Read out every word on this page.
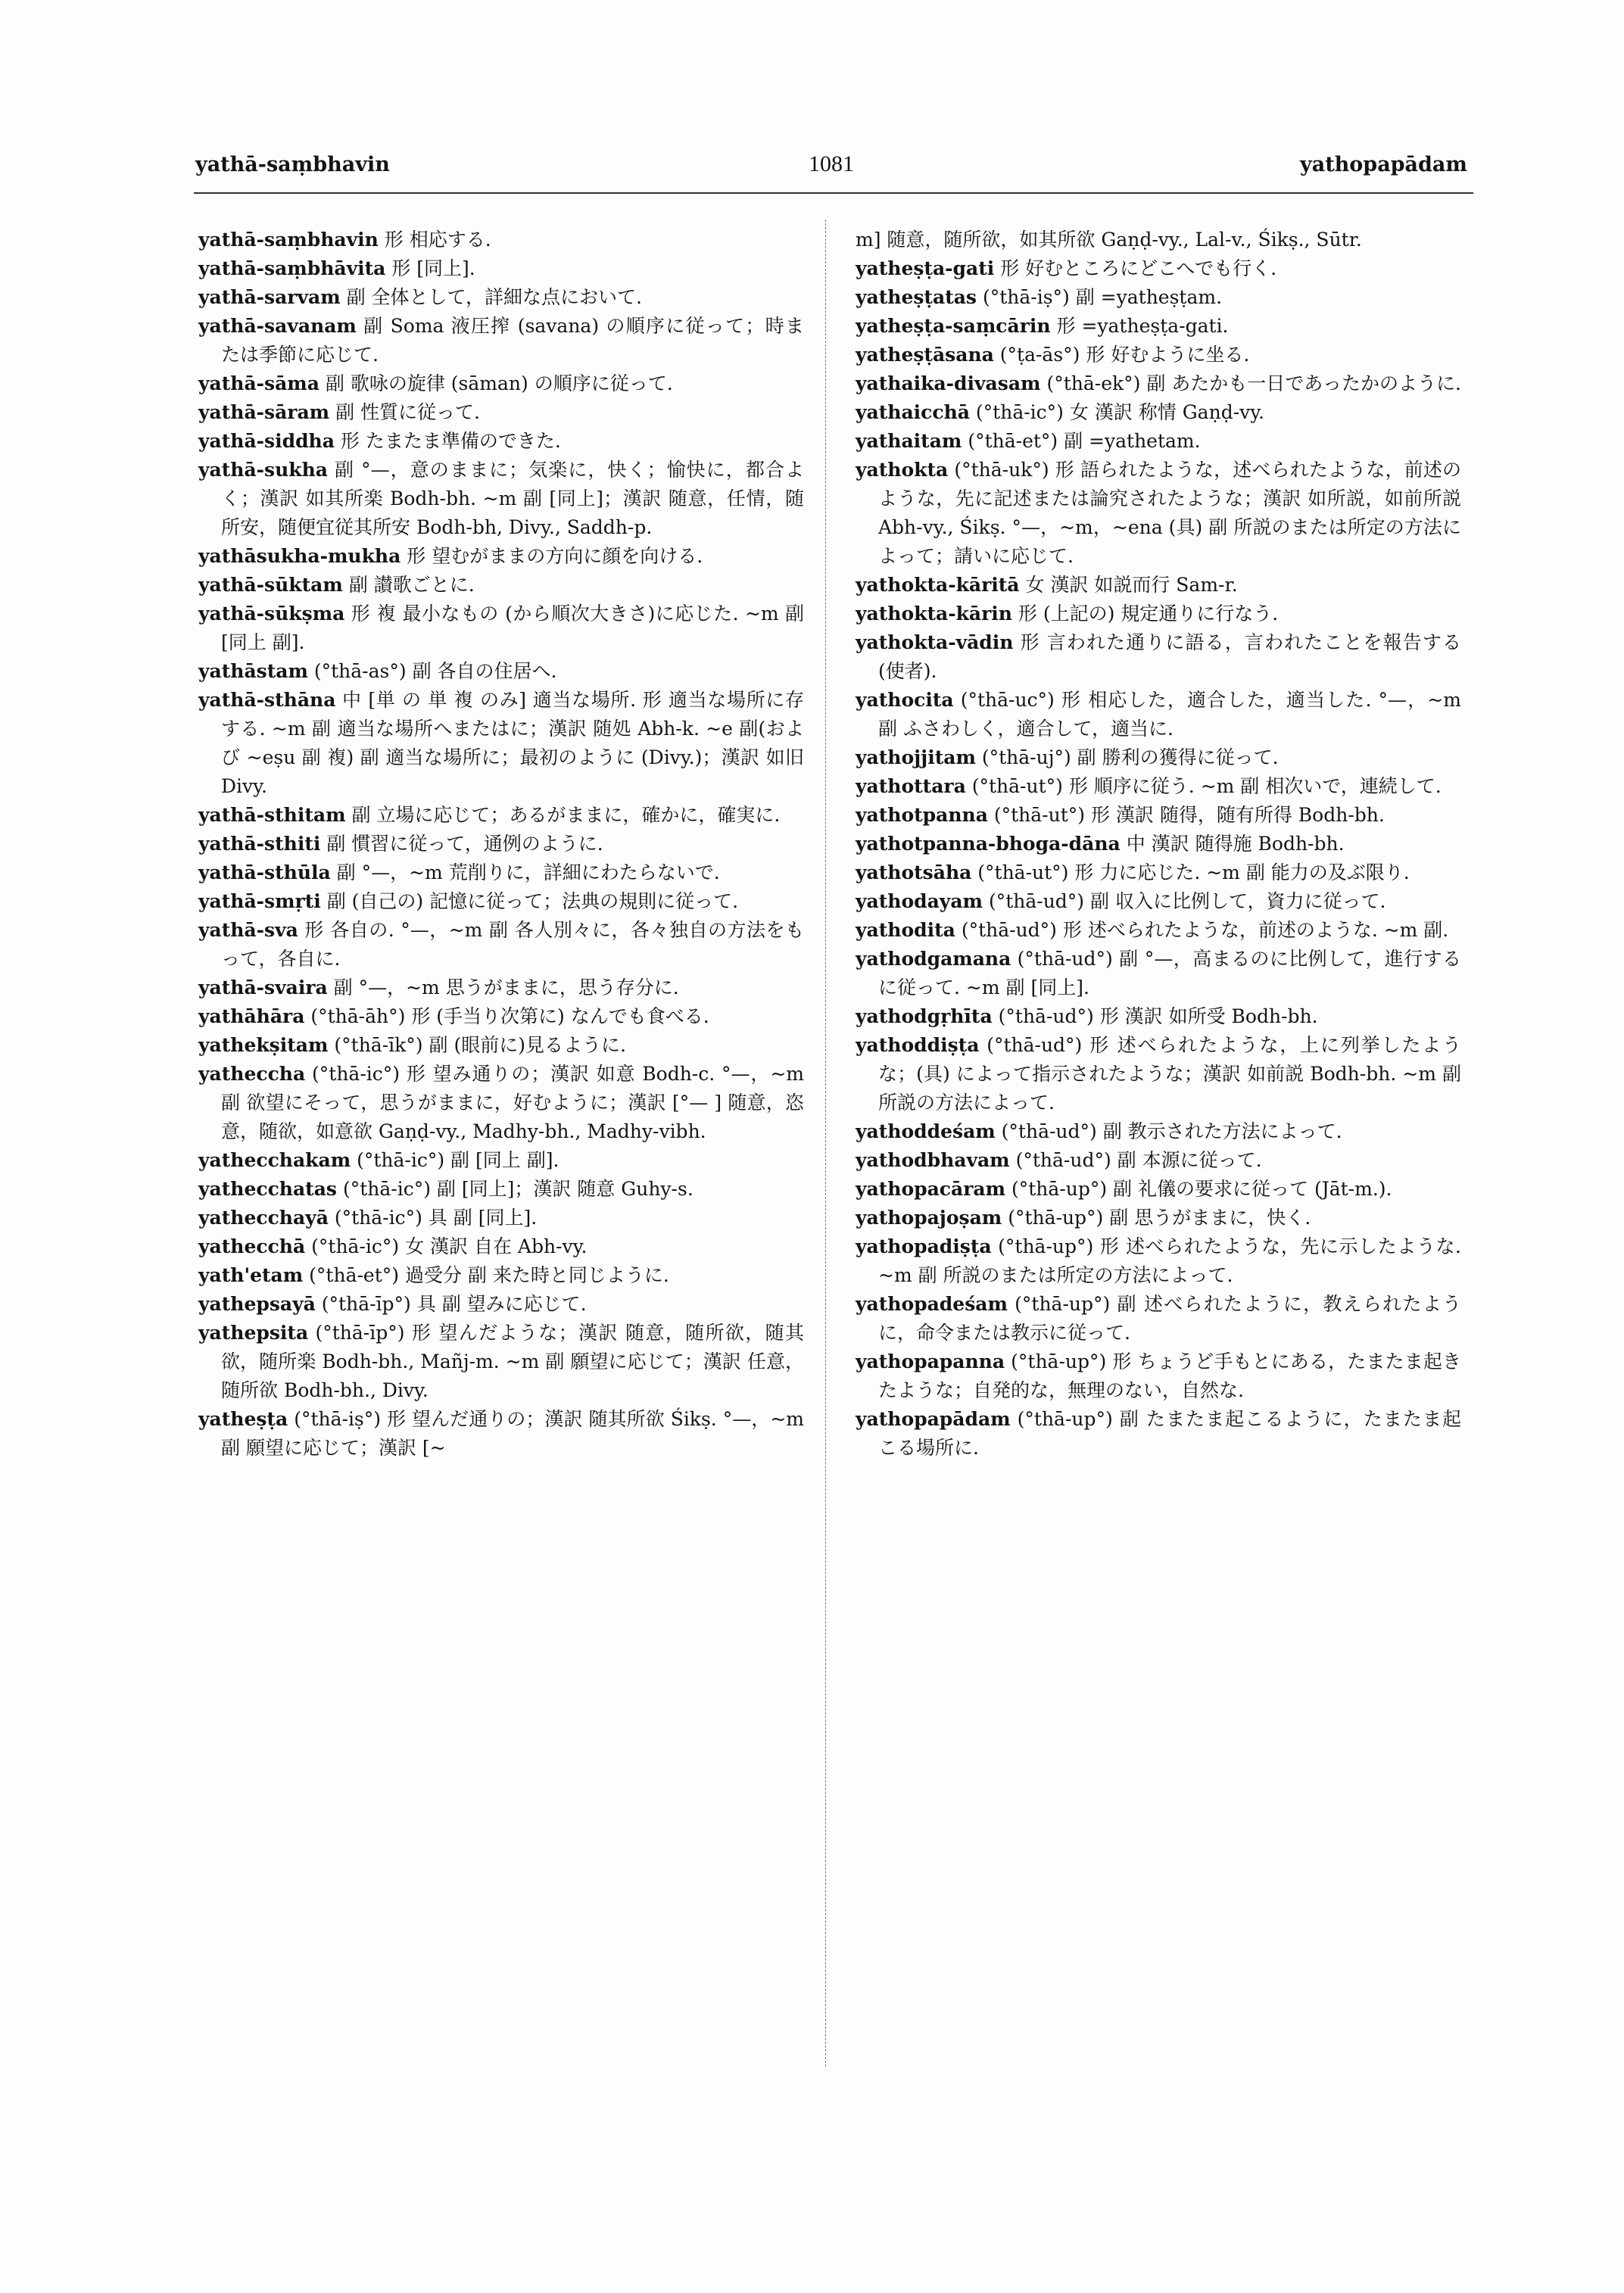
yathā-saṃbhavin	1081	yathopapādam

yathā-saṃbhavin 形 相応する.

yathā-saṃbhāvita 形 [同上].

yathā-sarvam 副 全体として，詳細な点において.

yathā-savanam 副 Soma 液圧搾 (savana) の順序に従って；時または季節に応じて.

yathā-sāma 副 歌咏の旋律 (sāman) の順序に従って.

yathā-sāram 副 性質に従って.

yathā-siddha 形 たまたま準備のできた.

yathā-sukha 副 °—，意のままに；気楽に，快く；愉快に，都合よく；漢訳 如其所楽 Bodh-bh. ~m 副 [同上]；漢訳 随意，任情，随所安，随便宜従其所安 Bodh-bh, Divy., Saddh-p.

yathāsukha-mukha 形 望むがままの方向に顔を向ける.

yathā-sūktam 副 讃歌ごとに.

yathā-sūkṣma 形 複 最小なもの (から順次大きさ)に応じた. ~m 副 [同上 副].

yathāstam (°thā-as°) 副 各自の住居へ.

yathā-sthāna 中 [単 の 単 複 のみ] 適当な場所. 形 適当な場所に存する. ~m 副 適当な場所へまたはに；漢訳 随処 Abh-k. ~e 副(および ~eṣu 副 複) 副 適当な場所に；最初のように (Divy.)；漢訳 如旧 Divy.

yathā-sthitam 副 立場に応じて；あるがままに，確かに，確実に.

yathā-sthiti 副 慣習に従って，通例のように.

yathā-sthūla 副 °—，~m 荒削りに，詳細にわたらないで.

yathā-smṛti 副 (自己の) 記憶に従って；法典の規則に従って.

yathā-sva 形 各自の. °—，~m 副 各人別々に，各々独自の方法をもって，各自に.

yathā-svaira 副 °—，~m 思うがままに，思う存分に.

yathāhāra (°thā-āh°) 形 (手当り次第に) なんでも食べる.

yathekṣitam (°thā-īk°) 副 (眼前に)見るように.

yathecchа (°thā-ic°) 形 望み通りの；漢訳 如意 Bodh-c. °—，~m 副 欲望にそって，思うがままに，好むように；漢訳 [°— ] 随意，恣意，随欲，如意欲 Gaṇḍ-vy., Madhy-bh., Madhy-vibh.

yathecchakam (°thā-ic°) 副 [同上 副].

yathecchatas (°thā-ic°) 副 [同上]；漢訳 随意 Guhy-s.

yathecchayā (°thā-ic°) 具 副 [同上].

yathecchā (°thā-ic°) 女 漢訳 自在 Abh-vy.

yath'etam (°thā-et°) 過受分 副 来た時と同じように.

yathepsayā (°thā-īp°) 具 副 望みに応じて.

yathepsita (°thā-īp°) 形 望んだような；漢訳 随意，随所欲，随其欲，随所楽 Bodh-bh., Mañj-m. ~m 副 願望に応じて；漢訳 任意，随所欲 Bodh-bh., Divy.

yatheṣṭa (°thā-iṣ°) 形 望んだ通りの；漢訳 随其所欲 Śikṣ. °—，~m 副 願望に応じて；漢訳 [~

m] 随意，随所欲，如其所欲 Gaṇḍ-vy., Lal-v., Śikṣ., Sūtr.

yatheṣṭa-gati 形 好むところにどこへでも行く.

yatheṣṭatas (°thā-iṣ°) 副 =yatheṣṭam.

yatheṣṭa-saṃcārin 形 =yatheṣṭa-gati.

yatheṣṭāsana (°ṭa-ās°) 形 好むように坐る.

yathaika-divasam (°thā-ek°) 副 あたかも一日であったかのように.

yathaicchā (°thā-ic°) 女 漢訳 称情 Gaṇḍ-vy.

yathaitam (°thā-et°) 副 =yathetam.

yathokta (°thā-uk°) 形 語られたような，述べられたような，前述のような，先に記述または論究されたような；漢訳 如所説，如前所説 Abh-vy., Śikṣ. °—，~m，~ena (具) 副 所説のまたは所定の方法によって；請いに応じて.

yathokta-kāritā 女 漢訳 如説而行 Sam-r.

yathokta-kārin 形 (上記の) 規定通りに行なう.

yathokta-vādin 形 言われた通りに語る，言われたことを報告する (使者).

yathocita (°thā-uc°) 形 相応した，適合した，適当した. °—，~m 副 ふさわしく，適合して，適当に.

yathojjitam (°thā-uj°) 副 勝利の獲得に従って.

yathottara (°thā-ut°) 形 順序に従う. ~m 副 相次いで，連続して.

yathotpanna (°thā-ut°) 形 漢訳 随得，随有所得 Bodh-bh.

yathotpanna-bhoga-dāna 中 漢訳 随得施 Bodh-bh.

yathotsāha (°thā-ut°) 形 力に応じた. ~m 副 能力の及ぶ限り.

yathodayam (°thā-ud°) 副 収入に比例して，資力に従って.

yathodita (°thā-ud°) 形 述べられたような，前述のような. ~m 副.

yathodgamana (°thā-ud°) 副 °—，高まるのに比例して，進行するに従って. ~m 副 [同上].

yathodgṛhīta (°thā-ud°) 形 漢訳 如所受 Bodh-bh.

yathoddiṣṭa (°thā-ud°) 形 述べられたような，上に列挙したような；(具) によって指示されたような；漢訳 如前説 Bodh-bh. ~m 副 所説の方法によって.

yathoddeśam (°thā-ud°) 副 教示された方法によって.

yathodbhavam (°thā-ud°) 副 本源に従って.

yathopacāram (°thā-up°) 副 礼儀の要求に従って (Jāt-m.).

yathopajoṣam (°thā-up°) 副 思うがままに，快く.

yathopadiṣṭa (°thā-up°) 形 述べられたような，先に示したような. ~m 副 所説のまたは所定の方法によって.

yathopadeśam (°thā-up°) 副 述べられたように，教えられたように，命令または教示に従って.

yathopapanna (°thā-up°) 形 ちょうど手もとにある，たまたま起きたような；自発的な，無理のない，自然な.

yathopapādam (°thā-up°) 副 たまたま起こるように，たまたま起こる場所に.
